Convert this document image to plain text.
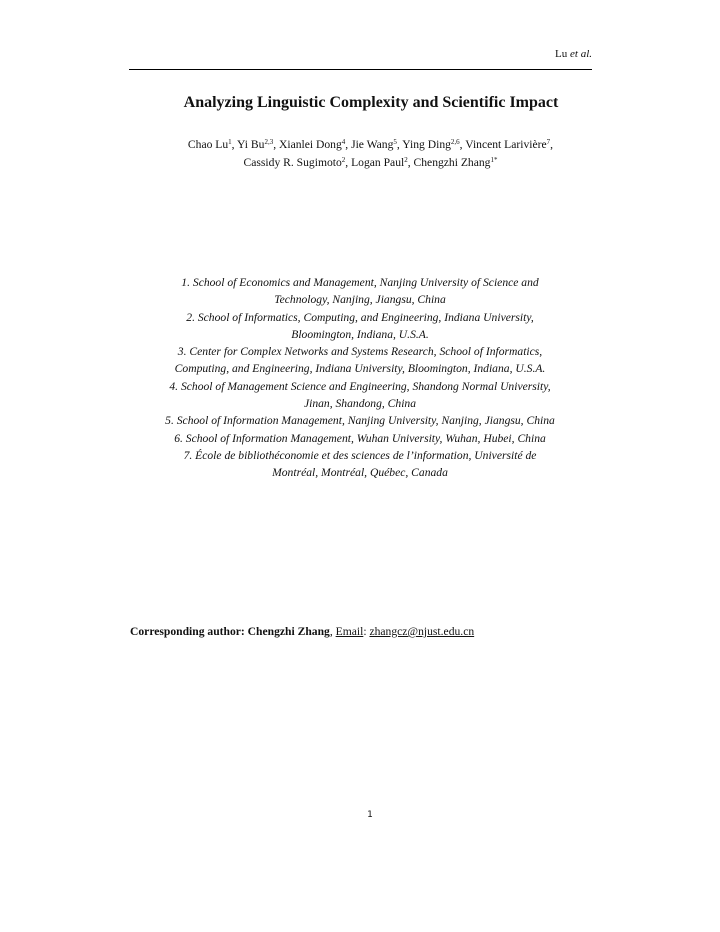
Lu et al.
Analyzing Linguistic Complexity and Scientific Impact
Chao Lu$^1$, Yi Bu$^{2,3}$, Xianlei Dong$^4$, Jie Wang$^5$, Ying Ding$^{2,6}$, Vincent Larivière$^7$,
Cassidy R. Sugimoto$^2$, Logan Paul$^2$, Chengzhi Zhang$^{1*}$
1. School of Economics and Management, Nanjing University of Science and
Technology, Nanjing, Jiangsu, China
2. School of Informatics, Computing, and Engineering, Indiana University,
Bloomington, Indiana, U.S.A.
3. Center for Complex Networks and Systems Research, School of Informatics,
Computing, and Engineering, Indiana University, Bloomington, Indiana, U.S.A.
4. School of Management Science and Engineering, Shandong Normal University,
Jinan, Shandong, China
5. School of Information Management, Nanjing University, Nanjing, Jiangsu, China
6. School of Information Management, Wuhan University, Wuhan, Hubei, China
7. École de bibliothéconomie et des sciences de l’information, Université de
Montréal, Montréal, Québec, Canada
Corresponding author: Chengzhi Zhang, Email: zhangcz@njust.edu.cn
1
